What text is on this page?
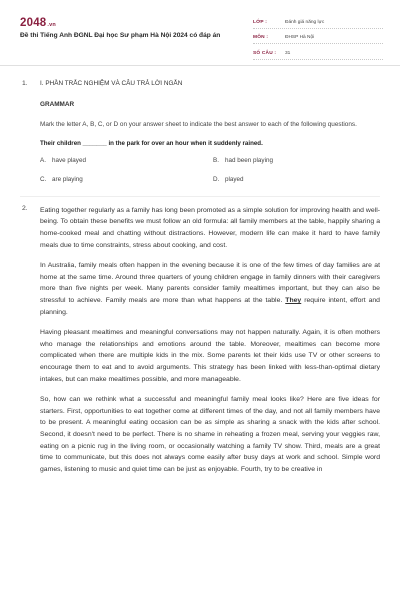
2048.vn
Đề thi Tiếng Anh ĐGNL Đại học Sư phạm Hà Nội 2024 có đáp án
LỚP :	Đánh giá năng lực
MÔN :	ĐHSP Hà Nội
SỐ CÂU :	31
1. I. PHẦN TRẮC NGHIỆM VÀ CÂU TRẢ LỜI NGẮN
GRAMMAR
Mark the letter A, B, C, or D on your answer sheet to indicate the best answer to each of the following questions.
Their children _______ in the park for over an hour when it suddenly rained.
A. have played	B. had been playing
C. are playing	D. played
2. Eating together regularly as a family has long been promoted as a simple solution for improving health and well-being. To obtain these benefits we must follow an old formula: all family members at the table, happily sharing a home-cooked meal and chatting without distractions. However, modern life can make it hard to have family meals due to time constraints, stress about cooking, and cost.

In Australia, family meals often happen in the evening because it is one of the few times of day families are at home at the same time. Around three quarters of young children engage in family dinners with their caregivers more than five nights per week. Many parents consider family mealtimes important, but they can also be stressful to achieve. Family meals are more than what happens at the table. They require intent, effort and planning.

Having pleasant mealtimes and meaningful conversations may not happen naturally. Again, it is often mothers who manage the relationships and emotions around the table. Moreover, mealtimes can become more complicated when there are multiple kids in the mix. Some parents let their kids use TV or other screens to encourage them to eat and to avoid arguments. This strategy has been linked with less-than-optimal dietary intakes, but can make mealtimes possible, and more manageable.

So, how can we rethink what a successful and meaningful family meal looks like? Here are five ideas for starters. First, opportunities to eat together come at different times of the day, and not all family members have to be present. A meaningful eating occasion can be as simple as sharing a snack with the kids after school. Second, it doesn't need to be perfect. There is no shame in reheating a frozen meal, serving your veggies raw, eating on a picnic rug in the living room, or occasionally watching a family TV show. Third, meals are a great time to communicate, but this does not always come easily after busy days at work and school. Simple word games, listening to music and quiet time can be just as enjoyable. Fourth, try to be creative in
